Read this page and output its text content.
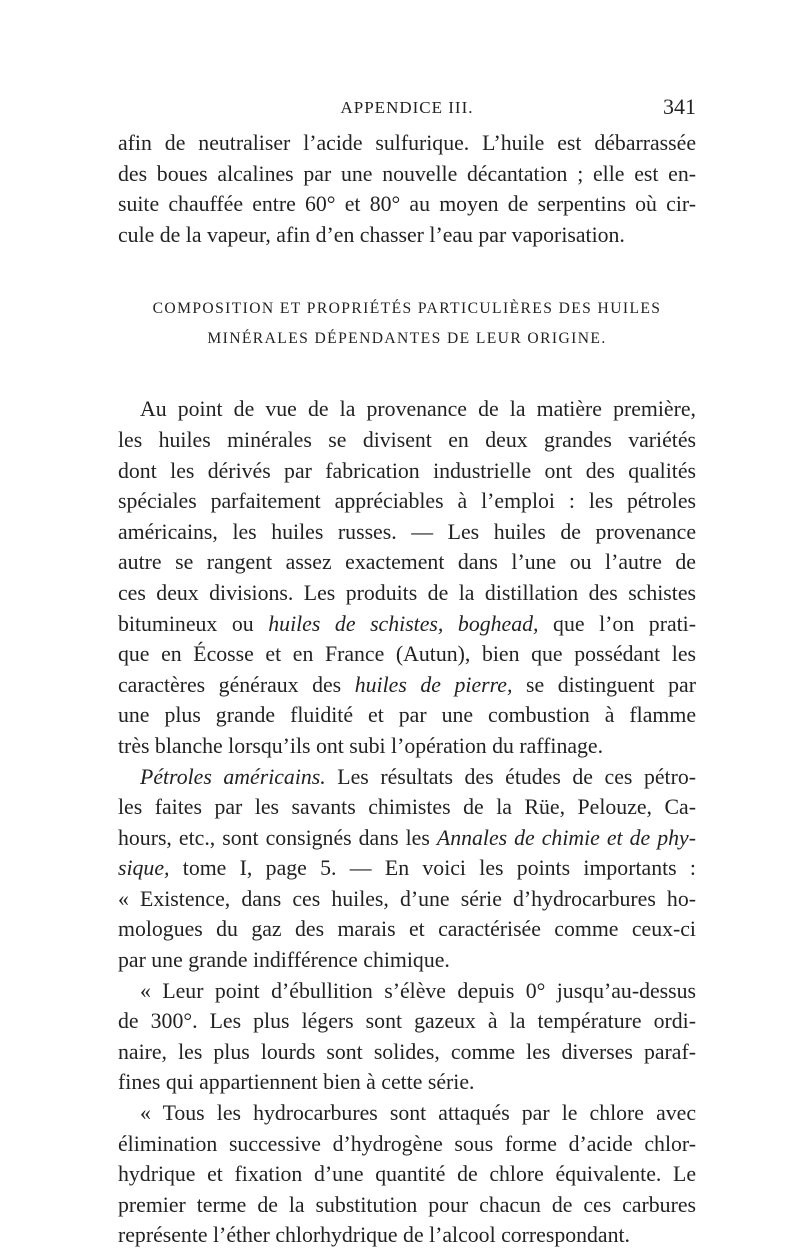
APPENDICE III.	341

afin de neutraliser l’acide sulfurique. L’huile est débarrassée
des boues alcalines par une nouvelle décantation ; elle est en-
suite chauffée entre 60° et 80° au moyen de serpentins où cir-
cule de la vapeur, afin d’en chasser l’eau par vaporisation.

COMPOSITION ET PROPRIÉTÉS PARTICULIÈRES DES HUILES
MINÉRALES DÉPENDANTES DE LEUR ORIGINE.

Au point de vue de la provenance de la matière première,
les huiles minérales se divisent en deux grandes variétés
dont les dérivés par fabrication industrielle ont des qualités
spéciales parfaitement appréciables à l’emploi : les pétroles
américains, les huiles russes. — Les huiles de provenance
autre se rangent assez exactement dans l’une ou l’autre de
ces deux divisions. Les produits de la distillation des schistes
bitumineux ou huiles de schistes, boghead, que l’on prati-
que en Écosse et en France (Autun), bien que possédant les
caractères généraux des huiles de pierre, se distinguent par
une plus grande fluidité et par une combustion à flamme
très blanche lorsqu’ils ont subi l’opération du raffinage.

Pétroles américains. Les résultats des études de ces pétro-
les faites par les savants chimistes de la Rüe, Pelouze, Ca-
hours, etc., sont consignés dans les Annales de chimie et de phy-
sique, tome I, page 5. — En voici les points importants :
« Existence, dans ces huiles, d’une série d’hydrocarbures ho-
mologues du gaz des marais et caractérisée comme ceux-ci
par une grande indifférence chimique.

« Leur point d’ébullition s’élève depuis 0° jusqu’au-dessus
de 300°. Les plus légers sont gazeux à la température ordi-
naire, les plus lourds sont solides, comme les diverses paraf-
fines qui appartiennent bien à cette série.

« Tous les hydrocarbures sont attaqués par le chlore avec
élimination successive d’hydrogène sous forme d’acide chlor-
hydrique et fixation d’une quantité de chlore équivalente. Le
premier terme de la substitution pour chacun de ces carbures
représente l’éther chlorhydrique de l’alcool correspondant.
